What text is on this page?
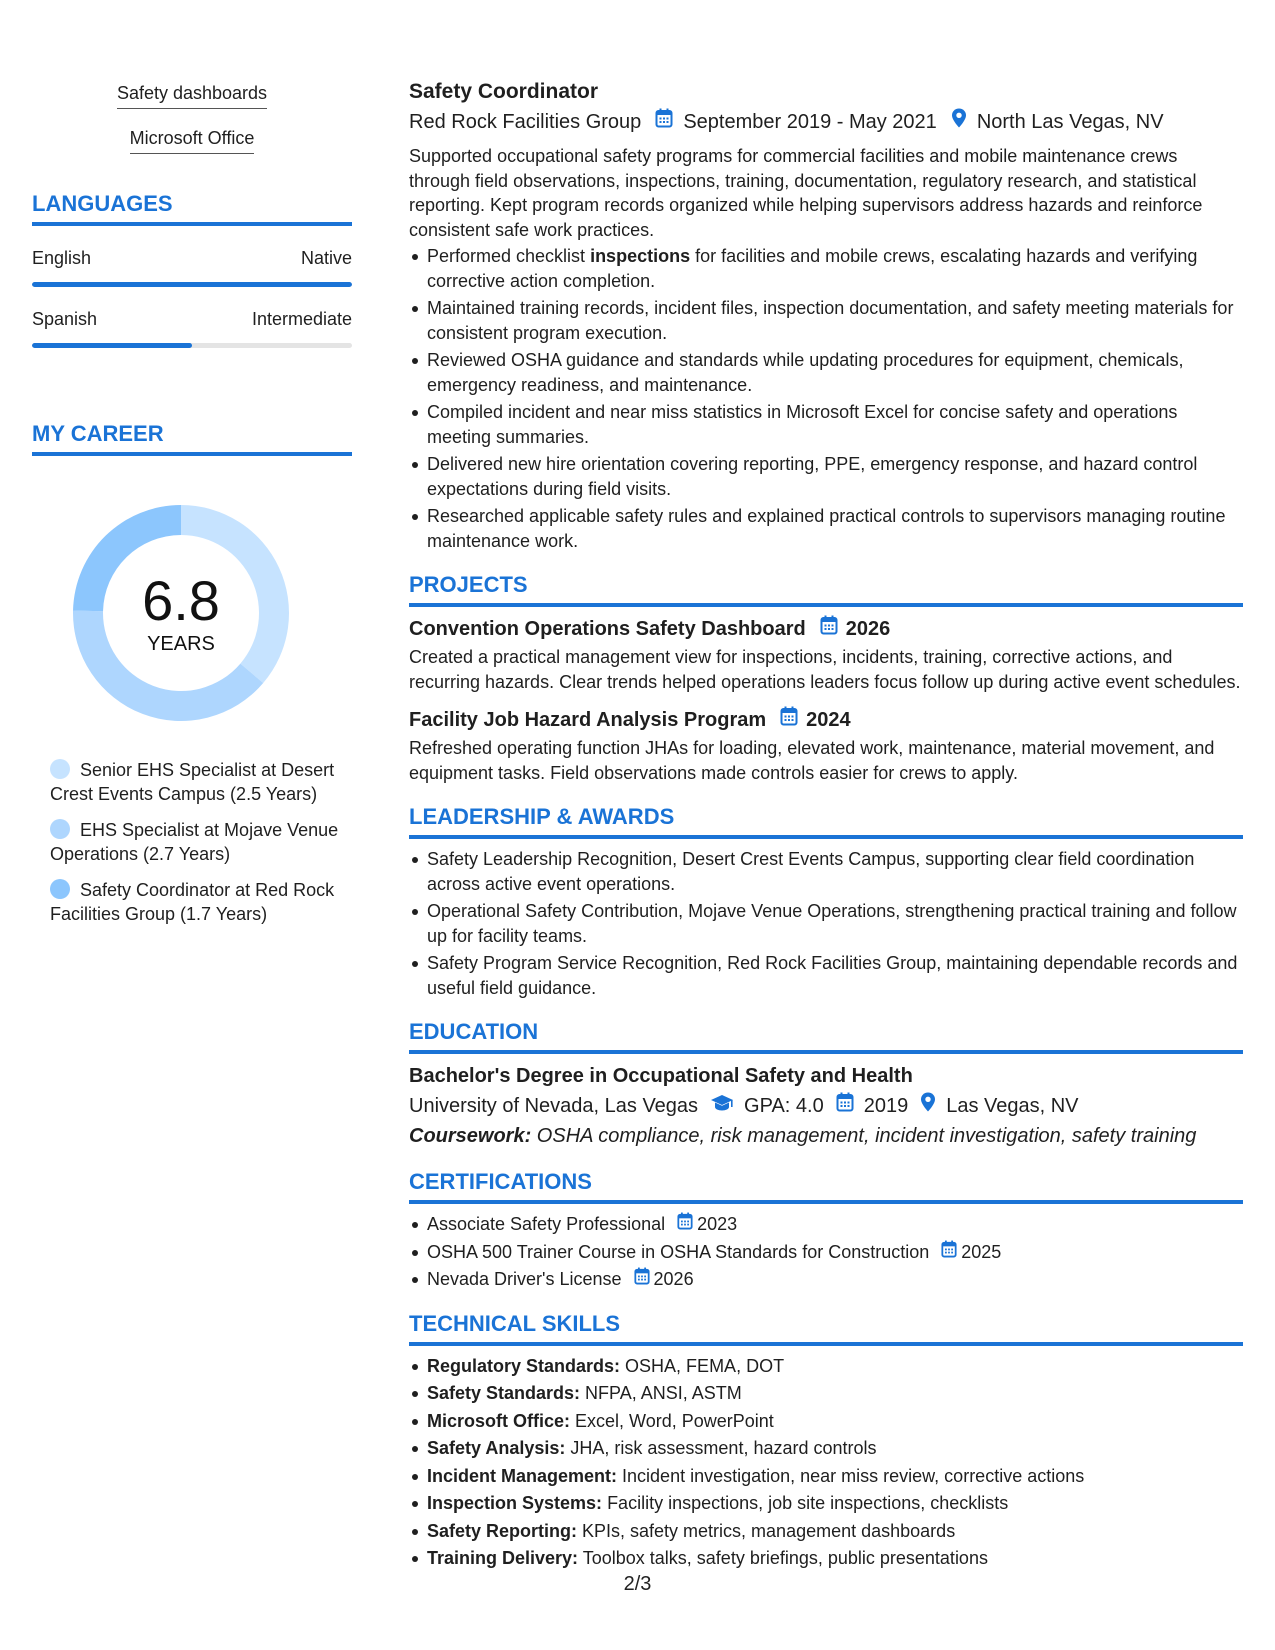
Safety dashboards
Microsoft Office
LANGUAGES
English	Native
Spanish	Intermediate
MY CAREER
6.8
YEARS
Senior EHS Specialist at Desert Crest Events Campus (2.5 Years)
EHS Specialist at Mojave Venue Operations (2.7 Years)
Safety Coordinator at Red Rock Facilities Group (1.7 Years)
Safety Coordinator
Red Rock Facilities Group September 2019 - May 2021 North Las Vegas, NV

Supported occupational safety programs for commercial facilities and mobile maintenance crews through field observations, inspections, training, documentation, regulatory research, and statistical reporting. Kept program records organized while helping supervisors address hazards and reinforce consistent safe work practices.

Performed checklist inspections for facilities and mobile crews, escalating hazards and verifying corrective action completion.
Maintained training records, incident files, inspection documentation, and safety meeting materials for consistent program execution.
Reviewed OSHA guidance and standards while updating procedures for equipment, chemicals, emergency readiness, and maintenance.
Compiled incident and near miss statistics in Microsoft Excel for concise safety and operations meeting summaries.
Delivered new hire orientation covering reporting, PPE, emergency response, and hazard control expectations during field visits.
Researched applicable safety rules and explained practical controls to supervisors managing routine maintenance work.
PROJECTS
Convention Operations Safety Dashboard 2026

Created a practical management view for inspections, incidents, training, corrective actions, and recurring hazards. Clear trends helped operations leaders focus follow up during active event schedules.

Facility Job Hazard Analysis Program 2024

Refreshed operating function JHAs for loading, elevated work, maintenance, material movement, and equipment tasks. Field observations made controls easier for crews to apply.

LEADERSHIP & AWARDS
Safety Leadership Recognition, Desert Crest Events Campus, supporting clear field coordination across active event operations.
Operational Safety Contribution, Mojave Venue Operations, strengthening practical training and follow up for facility teams.
Safety Program Service Recognition, Red Rock Facilities Group, maintaining dependable records and useful field guidance.
EDUCATION
Bachelor's Degree in Occupational Safety and Health
University of Nevada, Las Vegas GPA: 4.0 2019 Las Vegas, NV
Coursework: OSHA compliance, risk management, incident investigation, safety training
CERTIFICATIONS
Associate Safety Professional 2023
OSHA 500 Trainer Course in OSHA Standards for Construction 2025
Nevada Driver's License 2026
TECHNICAL SKILLS
Regulatory Standards: OSHA, FEMA, DOT
Safety Standards: NFPA, ANSI, ASTM
Microsoft Office: Excel, Word, PowerPoint
Safety Analysis: JHA, risk assessment, hazard controls
Incident Management: Incident investigation, near miss review, corrective actions
Inspection Systems: Facility inspections, job site inspections, checklists
Safety Reporting: KPIs, safety metrics, management dashboards
Training Delivery: Toolbox talks, safety briefings, public presentations
2/3
